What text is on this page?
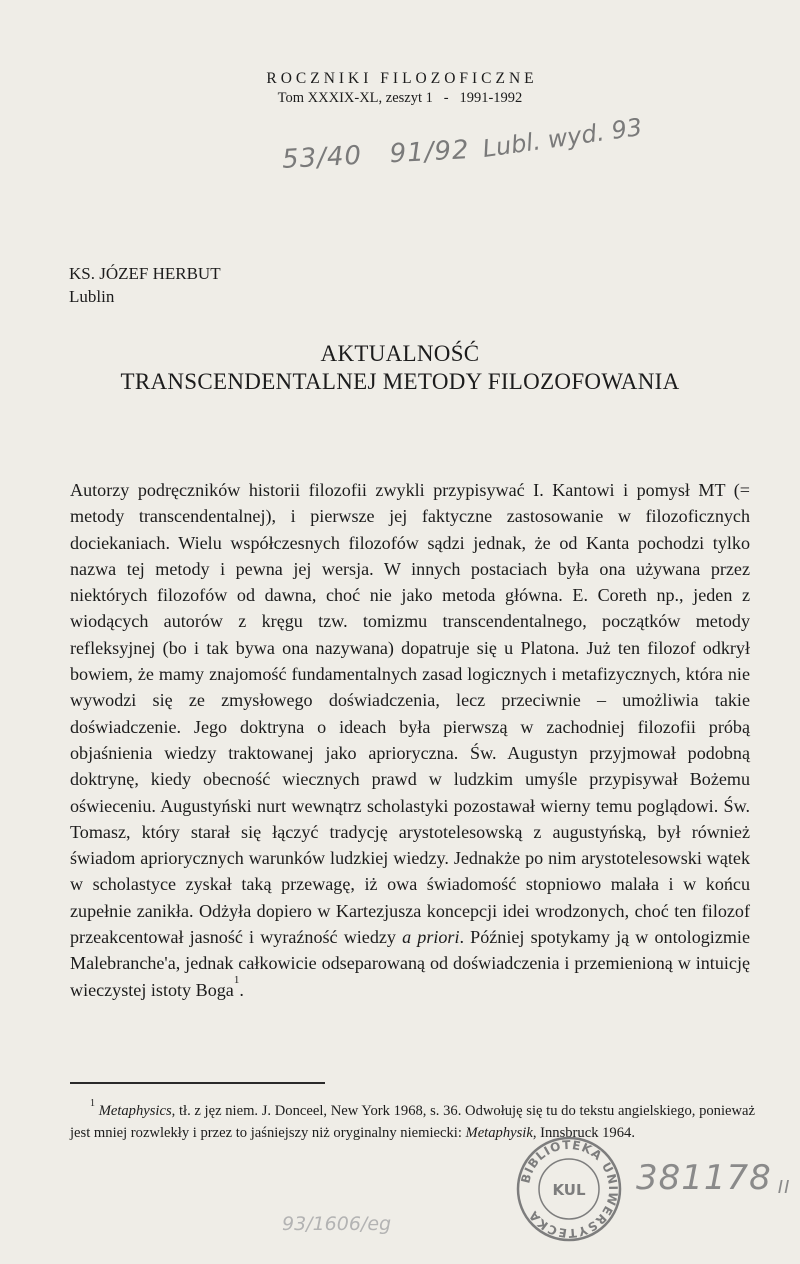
ROCZNIKI FILOZOFICZNE
Tom XXXIX-XL, zeszyt 1   -   1991-1992
53/40   91/92 Lubl. wyd. 93
KS. JÓZEF HERBUT
Lublin
AKTUALNOŚĆ
TRANSCENDENTALNEJ METODY FILOZOFOWANIA

Autorzy podręczników historii filozofii zwykli przypisywać I. Kantowi i pomysł MT (= metody transcendentalnej), i pierwsze jej faktyczne zastosowanie w filozoficznych dociekaniach. Wielu współczesnych filozofów sądzi jednak, że od Kanta pochodzi tylko nazwa tej metody i pewna jej wersja. W innych postaciach była ona używana przez niektórych filozofów od dawna, choć nie jako metoda główna. E. Coreth np., jeden z wiodących autorów z kręgu tzw. tomizmu transcendentalnego, początków metody refleksyjnej (bo i tak bywa ona nazywana) dopatruje się u Platona. Już ten filozof odkrył bowiem, że mamy znajomość fundamentalnych zasad logicznych i metafizycznych, która nie wywodzi się ze zmysłowego doświadczenia, lecz przeciwnie – umożliwia takie doświadczenie. Jego doktryna o ideach była pierwszą w zachodniej filozofii próbą objaśnienia wiedzy traktowanej jako aprioryczna. Św. Augustyn przyjmował podobną doktrynę, kiedy obecność wiecznych prawd w ludzkim umyśle przypisywał Bożemu oświeceniu. Augustyński nurt wewnątrz scholastyki pozostawał wierny temu poglądowi. Św. Tomasz, który starał się łączyć tradycję arystotelesowską z augustyńską, był również świadom apriorycznych warunków ludzkiej wiedzy. Jednakże po nim arystotelesowski wątek w scholastyce zyskał taką przewagę, iż owa świadomość stopniowo malała i w końcu zupełnie zanikła. Odżyła dopiero w Kartezjusza koncepcji idei wrodzonych, choć ten filozof przeakcentował jasność i wyraźność wiedzy a priori. Później spotykamy ją w ontologizmie Malebranche'a, jednak całkowicie odseparowaną od doświadczenia i przemienioną w intuicję wieczystej istoty Boga$^1$.

$^1$ Metaphysics, tł. z jęz niem. J. Donceel, New York 1968, s. 36. Odwołuję się tu do tekstu angielskiego, ponieważ jest mniej rozwlekły i przez to jaśniejszy niż oryginalny niemiecki: Metaphysik, Innsbruck 1964.

BIBLIOTEKA UNIWERSYTECKA
KUL 381178 II
93/1606/eg
